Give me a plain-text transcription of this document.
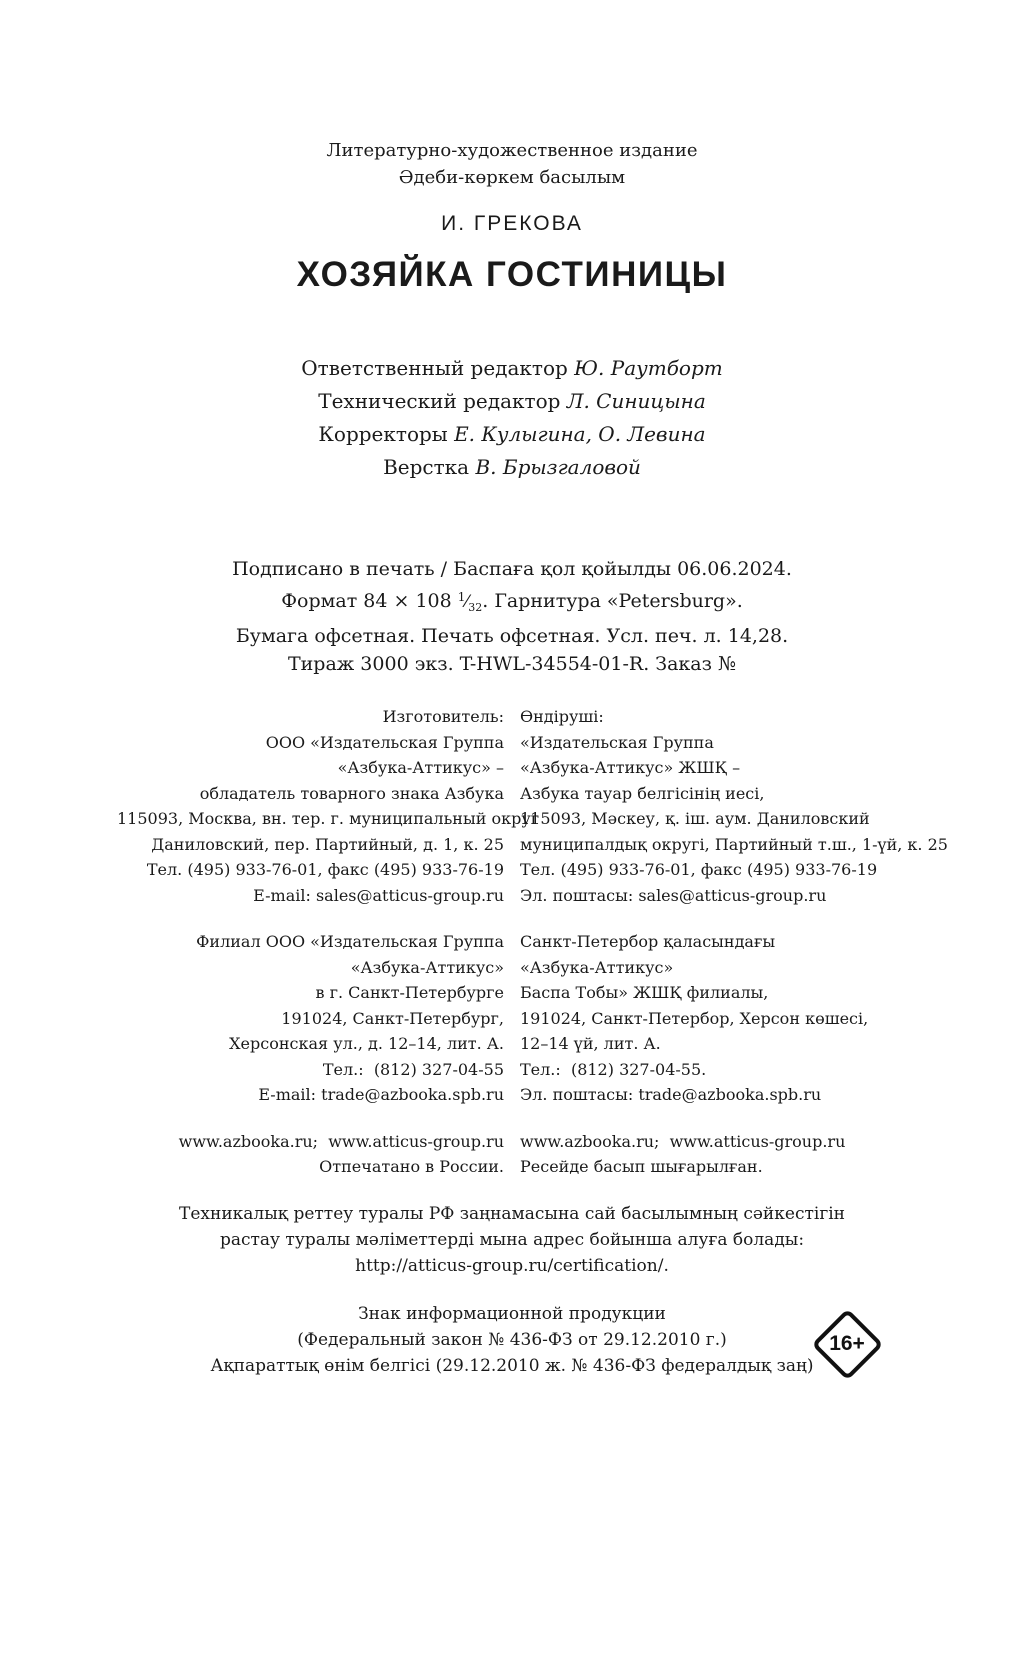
Литературно-художественное издание
Әдеби-көркем басылым
И. ГРЕКОВА
ХОЗЯЙКА ГОСТИНИЦЫ
Ответственный редактор Ю. Раутборт
Технический редактор Л. Синицына
Корректоры Е. Кулыгина, О. Левина
Верстка В. Брызгаловой
Подписано в печать / Баспаға қол қойылды 06.06.2024.
Формат 84 × 108 $^1⁄_{32}$. Гарнитура «Petersburg».
Бумага офсетная. Печать офсетная. Усл. печ. л. 14,28.
Тираж 3000 экз. T-HWL-34554-01-R. Заказ №
Изготовитель:
ООО «Издательская Группа
«Азбука-Аттикус» –
обладатель товарного знака Азбука
115093, Москва, вн. тер. г. муниципальный округ
Даниловский, пер. Партийный, д. 1, к. 25
Тел. (495) 933-76-01, факс (495) 933-76-19
E-mail: sales@atticus-group.ru
Филиал ООО «Издательская Группа
«Азбука-Аттикус»
в г. Санкт-Петербурге
191024, Санкт-Петербург,
Херсонская ул., д. 12–14, лит. А.
Тел.:  (812) 327-04-55
E-mail: trade@azbooka.spb.ru
www.azbooka.ru;  www.atticus-group.ru
Отпечатано в России.
Өндіруші:
«Издательская Группа
«Азбука-Аттикус» ЖШҚ –
Азбука тауар белгісінің иесі,
115093, Мәскеу, қ. іш. аум. Даниловский
муниципалдық округі, Партийный т.ш., 1-үй, к. 25
Тел. (495) 933-76-01, факс (495) 933-76-19
Эл. поштасы: sales@atticus-group.ru
Санкт-Петербор қаласындағы
«Азбука-Аттикус»
Баспа Тобы» ЖШҚ филиалы,
191024, Санкт-Петербор, Херсон көшесі,
12–14 үй, лит. А.
Тел.:  (812) 327-04-55.
Эл. поштасы: trade@azbooka.spb.ru
www.azbooka.ru;  www.atticus-group.ru
Ресейде басып шығарылған.
Техникалық реттеу туралы РФ заңнамасына сай басылымның сәйкестігін
растау туралы мәліметтерді мына адрес бойынша алуға болады:
http://atticus-group.ru/certification/.
Знак информационной продукции
(Федеральный закон № 436-ФЗ от 29.12.2010 г.)
Ақпараттық өнім белгісі (29.12.2010 ж. № 436-ФЗ федералдық заң)
16+
